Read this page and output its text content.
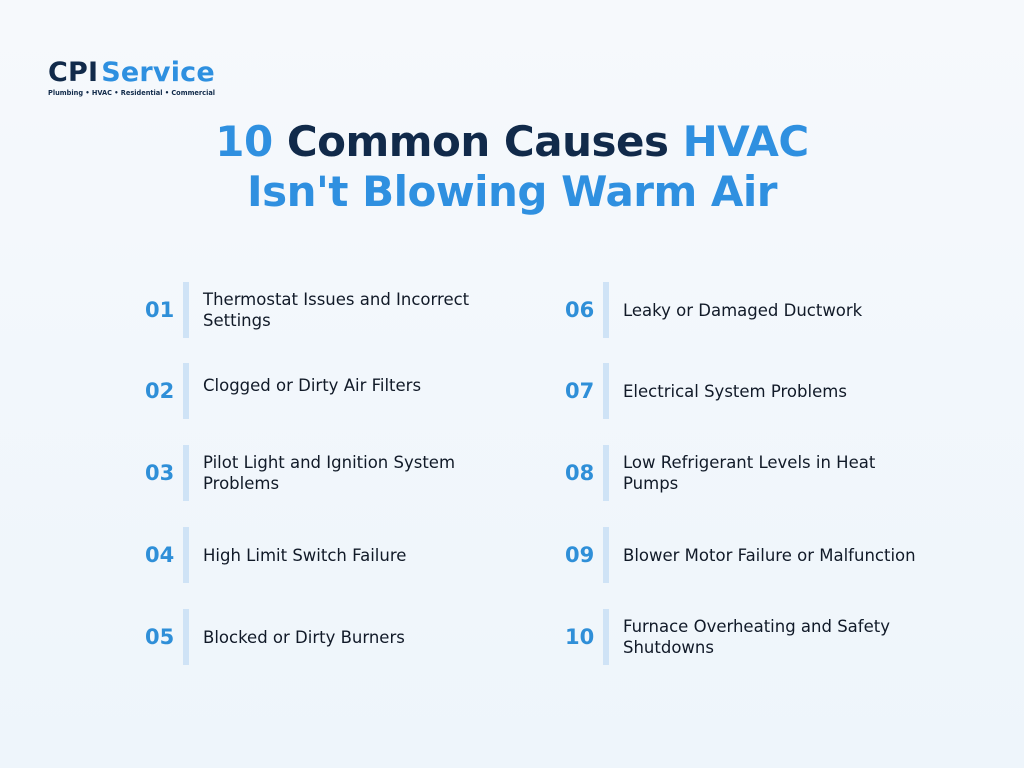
CPI Service
Plumbing • HVAC • Residential • Commercial
10 Common Causes HVAC
Isn't Blowing Warm Air
01 Thermostat Issues and Incorrect Settings
02 Clogged or Dirty Air Filters
03 Pilot Light and Ignition System Problems
04 High Limit Switch Failure
05 Blocked or Dirty Burners
06 Leaky or Damaged Ductwork
07 Electrical System Problems
08 Low Refrigerant Levels in Heat Pumps
09 Blower Motor Failure or Malfunction
10 Furnace Overheating and Safety Shutdowns
